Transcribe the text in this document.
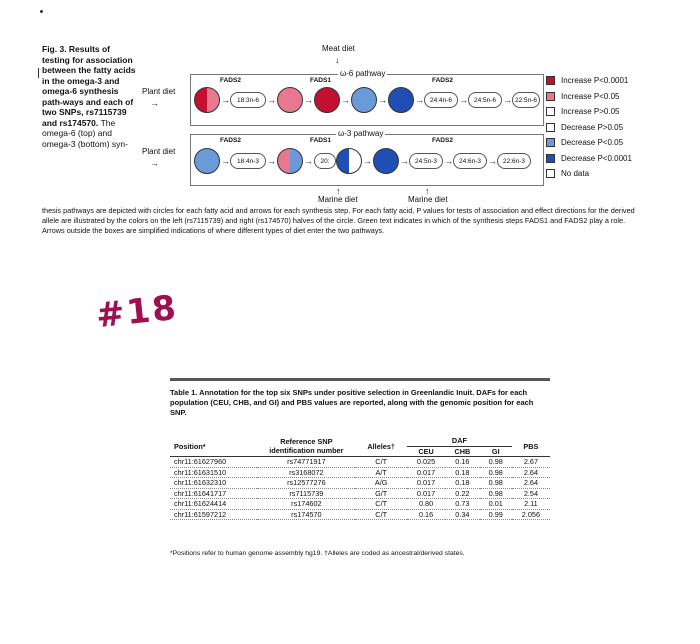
Fig. 3. Results of testing for association between the fatty acids in the omega-3 and omega-6 synthesis path-ways and each of two SNPs, rs7115739 and rs174570. The omega-6 (top) and omega-3 (bottom) syn-
Meat diet
↓
Plant diet
→
Plant diet
→
ω-6 pathway
FADS2	FADS1	FADS2
→	18:3n-6 →	→	→	→	→ 24:4n-6 → 24:5n-6 → 22:5n-6
ω-3 pathway
FADS2	FADS1	FADS2
→	18:4n-3 →	→	20:	→	→ 24:5n-3 → 24:6n-3 → 22:6n-3
↑
Marine diet
↑
Marine diet
Increase P<0.0001
Increase P<0.05
Increase P>0.05
Decrease P>0.05
Decrease P<0.05
Decrease P<0.0001
No data
thesis pathways are depicted with circles for each fatty acid and arrows for each synthesis step. For each fatty acid, P values for tests of association and effect directions for the derived allele are illustrated by the colors on the left (rs7115739) and right (rs174570) halves of the circle. Green text indicates in which of the synthesis steps FADS1 and FADS2 play a role. Arrows outside the boxes are simplified indications of where different types of diet enter the two pathways.
#18
Table 1. Annotation for the top six SNPs under positive selection in Greenlandic Inuit. DAFs for each population (CEU, CHB, and GI) and PBS values are reported, along with the genomic position for each SNP.
Position*	Reference SNP identification number	Alleles†	DAF			PBS
			CEU	CHB	GI	
chr11:61627960	rs74771917	C/T	0.025	0.16	0.98	2.67
chr11:61631510	rs3168072	A/T	0.017	0.18	0.98	2.64
chr11:61632310	rs12577276	A/G	0.017	0.18	0.98	2.64
chr11:61641717	rs7115739	G/T	0.017	0.22	0.98	2.54
chr11:61624414	rs174602	C/T	0.80	0.73	0.01	2.11
chr11:61597212	rs174570	C/T	0.16	0.34	0.99	2.056
*Positions refer to human genome assembly hg19. †Alleles are coded as ancestral/derived states.
